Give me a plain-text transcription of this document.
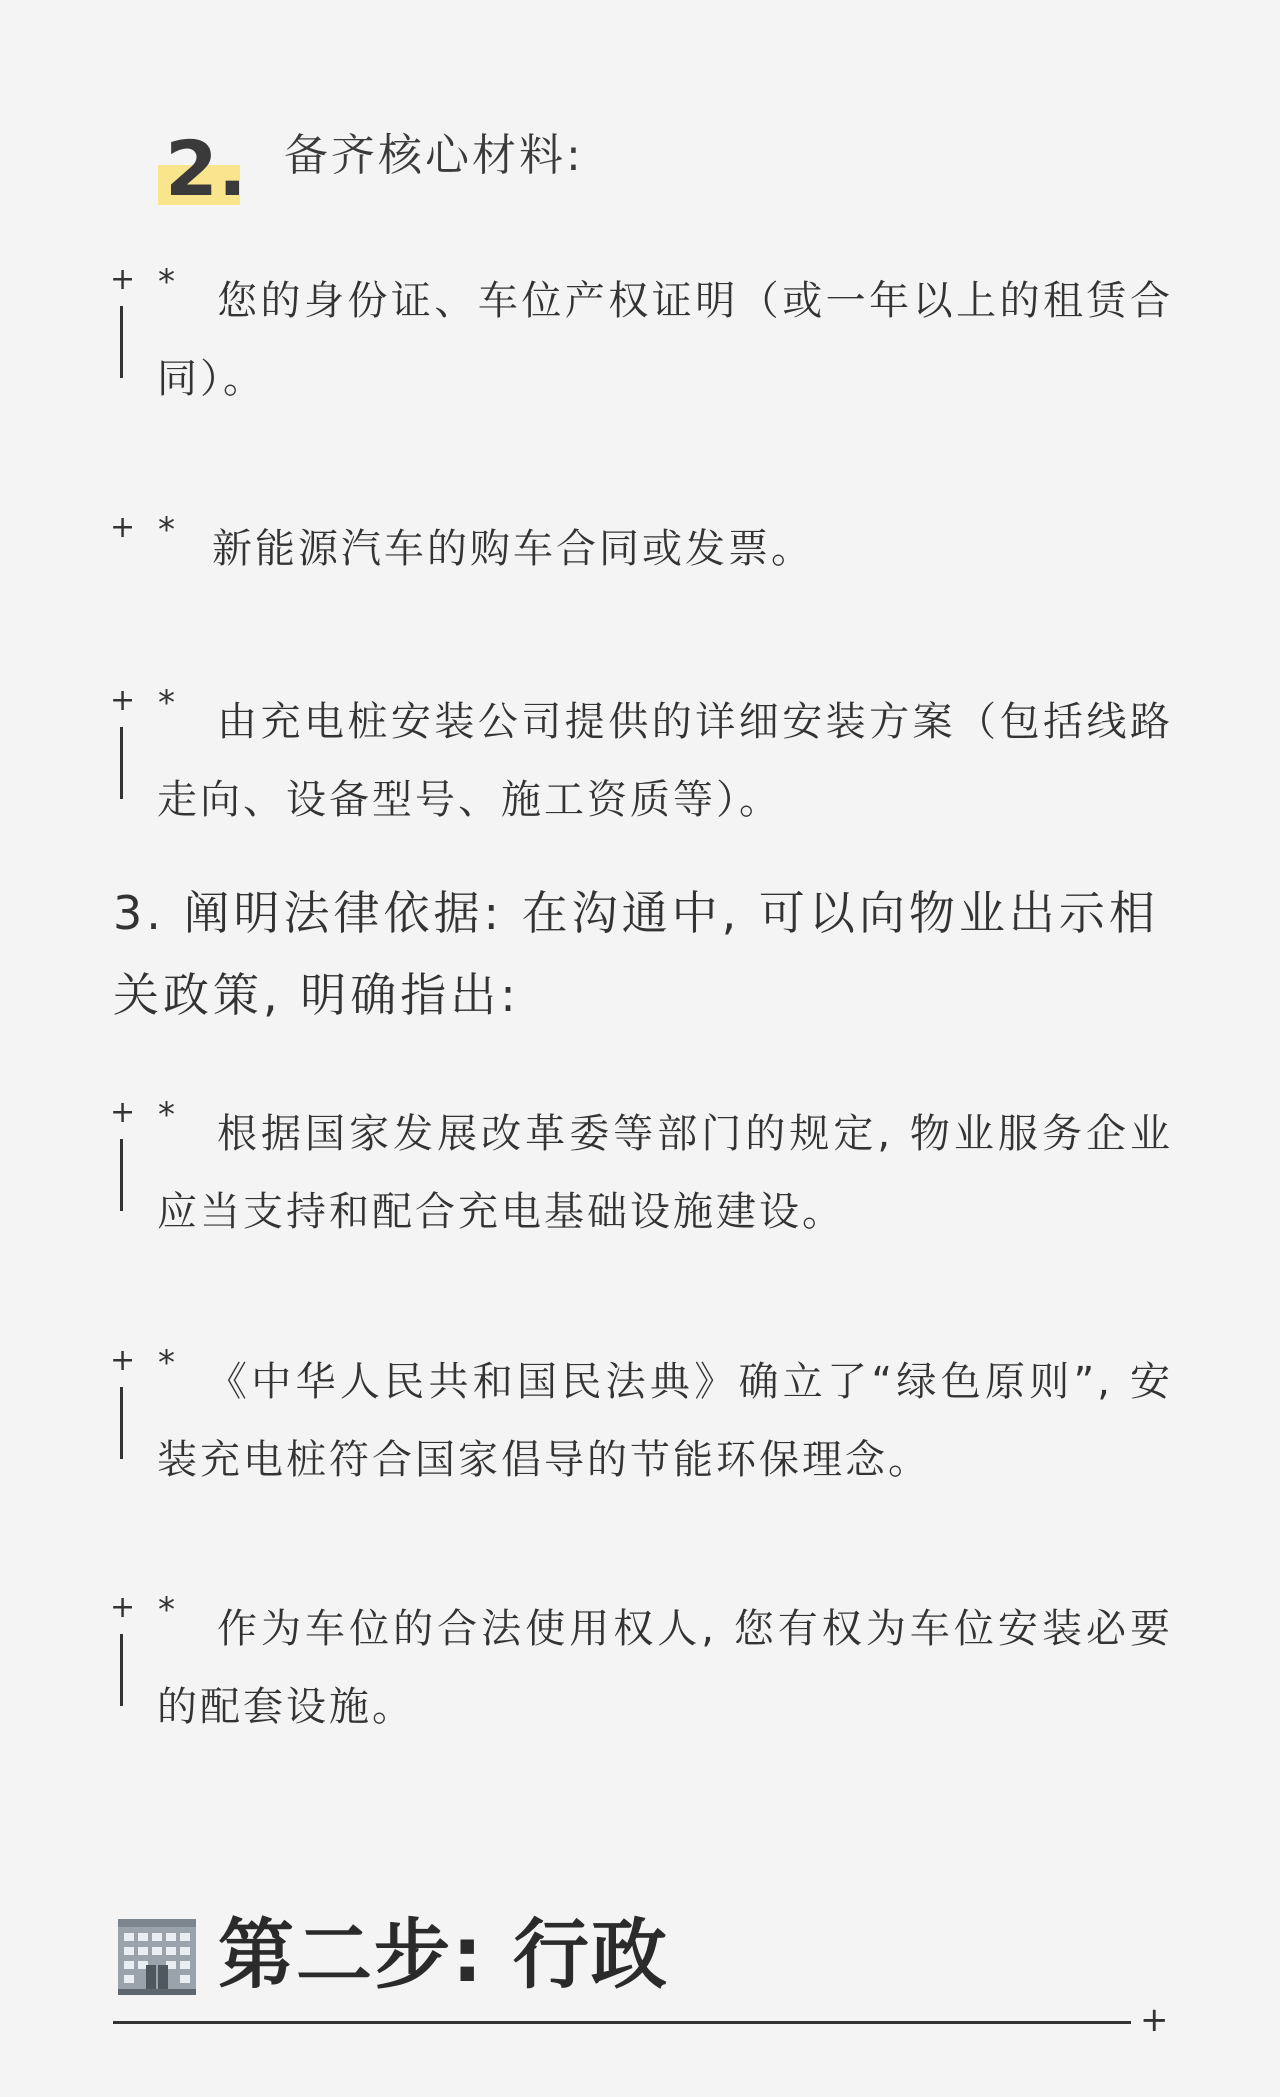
2. 备齐核心材料:
+ *	您的身份证、车位产权证明（或一年以上的租赁合同）。
+ * 新能源汽车的购车合同或发票。
+ *	由充电桩安装公司提供的详细安装方案（包括线路走向、设备型号、施工资质等）。
3. 阐明法律依据: 在沟通中, 可以向物业出示相关政策, 明确指出:
+ *	根据国家发展改革委等部门的规定, 物业服务企业应当支持和配合充电基础设施建设。
+ * 《中华人民共和国民法典》确立了“绿色原则”, 安装充电桩符合国家倡导的节能环保理念。
+ *	作为车位的合法使用权人, 您有权为车位安装必要的配套设施。
第二步: 行政
+
